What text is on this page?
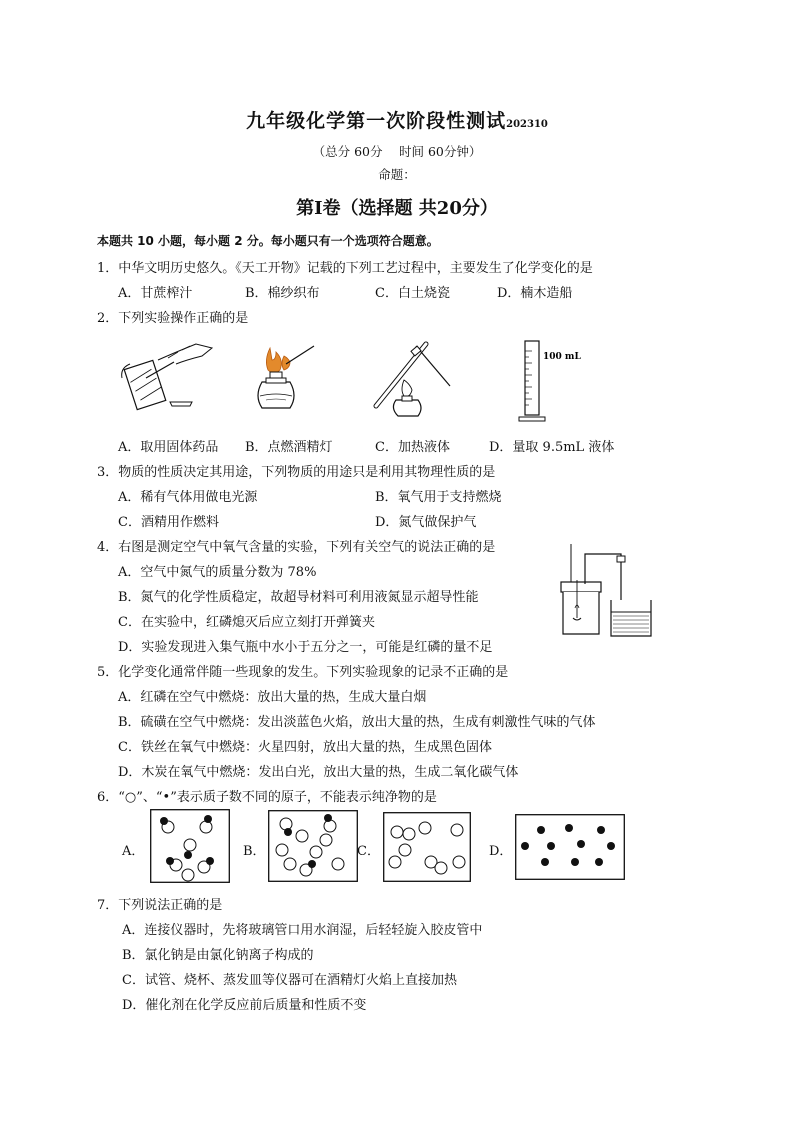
九年级化学第一次阶段性测试202310
（总分 60分　 时间 60分钟）
命题：
第Ⅰ卷（选择题 共20分）
本题共 10 小题，每小题 2 分。每小题只有一个选项符合题意。
1．中华文明历史悠久。《天工开物》记载的下列工艺过程中，主要发生了化学变化的是
A．甘蔗榨汁	B．棉纱织布	C．白土烧瓷	D．楠木造船
2．下列实验操作正确的是
100 mL
A．取用固体药品 B．点燃酒精灯	C．加热液体	D．量取 9.5mL 液体
3．物质的性质决定其用途，下列物质的用途只是利用其物理性质的是
A．稀有气体用做电光源	B．氧气用于支持燃烧
C．酒精用作燃料	D．氮气做保护气
4．右图是测定空气中氧气含量的实验，下列有关空气的说法正确的是
A．空气中氮气的质量分数为 78%
B．氮气的化学性质稳定，故超导材料可利用液氮显示超导性能
C．在实验中，红磷熄灭后应立刻打开弹簧夹
D．实验发现进入集气瓶中水小于五分之一，可能是红磷的量不足
5．化学变化通常伴随一些现象的发生。下列实验现象的记录不正确的是
A．红磷在空气中燃烧：放出大量的热，生成大量白烟
B．硫磺在空气中燃烧：发出淡蓝色火焰，放出大量的热，生成有刺激性气味的气体
C．铁丝在氧气中燃烧：火星四射，放出大量的热，生成黑色固体
D．木炭在氧气中燃烧：发出白光，放出大量的热，生成二氧化碳气体
6．“○”、“•”表示质子数不同的原子，不能表示纯净物的是
A．	B．	C．	D．
7．下列说法正确的是
A．连接仪器时，先将玻璃管口用水润湿，后轻轻旋入胶皮管中
B．氯化钠是由氯化钠离子构成的
C．试管、烧杯、蒸发皿等仪器可在酒精灯火焰上直接加热
D．催化剂在化学反应前后质量和性质不变
